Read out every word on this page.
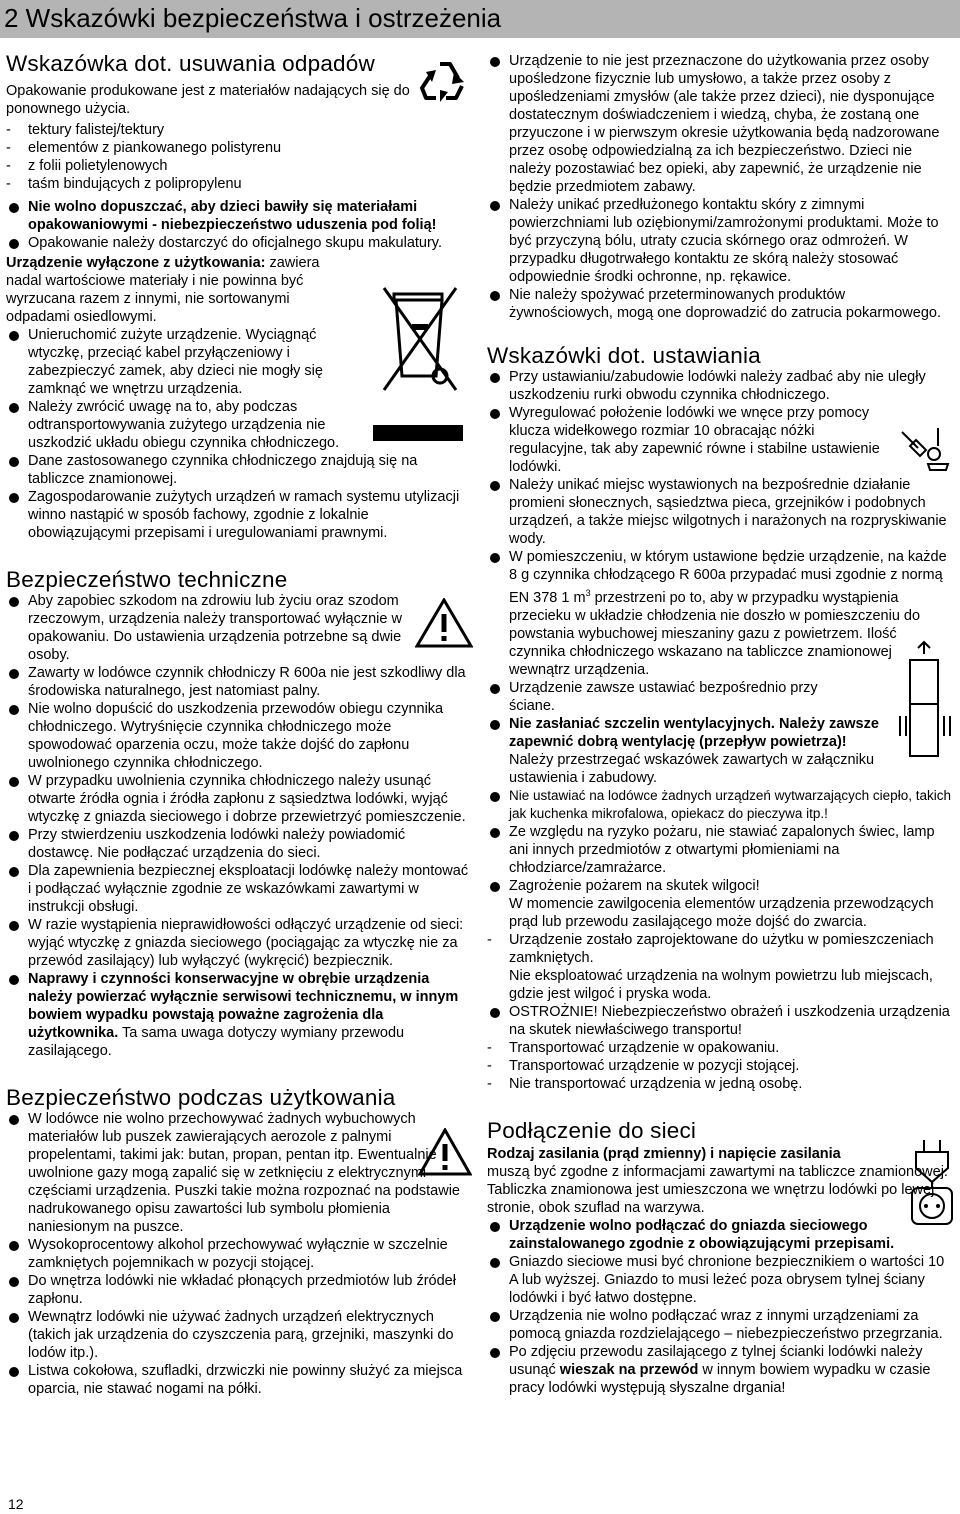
2 Wskazówki bezpieczeństwa i ostrzeżenia
Wskazówka dot. usuwania odpadów

Opakowanie produkowane jest z materiałów nadających się do ponownego użycia.

- tektury falistej/tektury

- elementów z piankowanego polistyrenu

- z folii polietylenowych

- taśm bindujących z polipropylenu

Nie wolno dopuszczać, aby dzieci bawiły się materiałami opakowaniowymi - niebezpieczeństwo uduszenia pod folią!

Opakowanie należy dostarczyć do oficjalnego skupu makulatury.

Urządzenie wyłączone z użytkowania: zawiera nadal wartościowe materiały i nie powinna być wyrzucana razem z innymi, nie sortowanymi odpadami osiedlowymi.

Unieruchomić zużyte urządzenie. Wyciągnąć wtyczkę, przeciąć kabel przyłączeniowy i zabezpieczyć zamek, aby dzieci nie mogły się zamknąć we wnętrzu urządzenia.

Należy zwrócić uwagę na to, aby podczas odtransportowywania zużytego urządzenia nie uszkodzić układu obiegu czynnika chłodniczego.

Dane zastosowanego czynnika chłodniczego znajdują się na tabliczce znamionowej.

Zagospodarowanie zużytych urządzeń w ramach systemu utylizacji winno nastąpić w sposób fachowy, zgodnie z lokalnie obowiązującymi przepisami i uregulowaniami prawnymi.

Bezpieczeństwo techniczne

Aby zapobiec szkodom na zdrowiu lub życiu oraz szodom rzeczowym, urządzenia należy transportować wyłącznie w opakowaniu. Do ustawienia urządzenia potrzebne są dwie osoby.

Zawarty w lodówce czynnik chłodniczy R 600a nie jest szkodliwy dla środowiska naturalnego, jest natomiast palny.

Nie wolno dopuścić do uszkodzenia przewodów obiegu czynnika chłodniczego. Wytryśnięcie czynnika chłodniczego może spowodować oparzenia oczu, może także dojść do zapłonu uwolnionego czynnika chłodniczego.

W przypadku uwolnienia czynnika chłodniczego należy usunąć otwarte źródła ognia i źródła zapłonu z sąsiedztwa lodówki, wyjąć wtyczkę z gniazda sieciowego i dobrze przewietrzyć pomieszczenie.

Przy stwierdzeniu uszkodzenia lodówki należy powiadomić dostawcę. Nie podłączać urządzenia do sieci.

Dla zapewnienia bezpiecznej eksploatacji lodówkę należy montować i podłączać wyłącznie zgodnie ze wskazówkami zawartymi w instrukcji obsługi.

W razie wystąpienia nieprawidłowości odłączyć urządzenie od sieci: wyjąć wtyczkę z gniazda sieciowego (pociągając za wtyczkę nie za przewód zasilający) lub wyłączyć (wykręcić) bezpiecznik.

Naprawy i czynności konserwacyjne w obrębie urządzenia należy powierzać wyłącznie serwisowi technicznemu, w innym bowiem wypadku powstają poważne zagrożenia dla użytkownika. Ta sama uwaga dotyczy wymiany przewodu zasilającego.

Bezpieczeństwo podczas użytkowania

W lodówce nie wolno przechowywać żadnych wybuchowych materiałów lub puszek zawierających aerozole z palnymi propelentami, takimi jak: butan, propan, pentan itp. Ewentualnie uwolnione gazy mogą zapalić się w zetknięciu z elektrycznymi częściami urządzenia. Puszki takie można rozpoznać na podstawie nadrukowanego opisu zawartości lub symbolu płomienia naniesionym na puszce.

Wysokoprocentowy alkohol przechowywać wyłącznie w szczelnie zamkniętych pojemnikach w pozycji stojącej.

Do wnętrza lodówki nie wkładać płonących przedmiotów lub źródeł zapłonu.

Wewnątrz lodówki nie używać żadnych urządzeń elektrycznych (takich jak urządzenia do czyszczenia parą, grzejniki, maszynki do lodów itp.).

Listwa cokołowa, szufladki, drzwiczki nie powinny służyć za miejsca oparcia, nie stawać nogami na półki.

Urządzenie to nie jest przeznaczone do użytkowania przez osoby upośledzone fizycznie lub umysłowo, a także przez osoby z upośledzeniami zmysłów (ale także przez dzieci), nie dysponujące dostatecznym doświadczeniem i wiedzą, chyba, że zostaną one przyuczone i w pierwszym okresie użytkowania będą nadzorowane przez osobę odpowiedzialną za ich bezpieczeństwo. Dzieci nie należy pozostawiać bez opieki, aby zapewnić, że urządzenie nie będzie przedmiotem zabawy.

Należy unikać przedłużonego kontaktu skóry z zimnymi powierzchniami lub oziębionymi/zamrożonymi produktami. Może to być przyczyną bólu, utraty czucia skórnego oraz odmrożeń. W przypadku długotrwałego kontaktu ze skórą należy stosować odpowiednie środki ochronne, np. rękawice.

Nie należy spożywać przeterminowanych produktów żywnościowych, mogą one doprowadzić do zatrucia pokarmowego.

Wskazówki dot. ustawiania

Przy ustawianiu/zabudowie lodówki należy zadbać aby nie uległy uszkodzeniu rurki obwodu czynnika chłodniczego.

Wyregulować położenie lodówki we wnęce przy pomocy klucza widełkowego rozmiar 10 obracając nóżki regulacyjne, tak aby zapewnić równe i stabilne ustawienie lodówki.

Należy unikać miejsc wystawionych na bezpośrednie działanie promieni słonecznych, sąsiedztwa pieca, grzejników i podobnych urządzeń, a także miejsc wilgotnych i narażonych na rozpryskiwanie wody.

W pomieszczeniu, w którym ustawione będzie urządzenie, na każde 8 g czynnika chłodzącego R 600a przypadać musi zgodnie z normą EN 378 1 $m^3$ przestrzeni po to, aby w przypadku wystąpienia przecieku w układzie chłodzenia nie doszło w pomieszczeniu do powstania wybuchowej mieszaniny gazu z powietrzem. Ilość czynnika chłodniczego wskazano na tabliczce znamionowej wewnątrz urządzenia.

Urządzenie zawsze ustawiać bezpośrednio przy ściane.

Nie zasłaniać szczelin wentylacyjnych. Należy zawsze zapewnić dobrą wentylację (przepływ powietrza)! Należy przestrzegać wskazówek zawartych w załączniku ustawienia i zabudowy.

Nie ustawiać na lodówce żadnych urządzeń wytwarzających ciepło, takich jak kuchenka mikrofalowa, opiekacz do pieczywa itp.!

Ze względu na ryzyko pożaru, nie stawiać zapalonych świec, lamp ani innych przedmiotów z otwartymi płomieniami na chłodziarce/zamrażarce.

Zagrożenie pożarem na skutek wilgoci!

W momencie zawilgocenia elementów urządzenia przewodzących prąd lub przewodu zasilającego może dojść do zwarcia.

- Urządzenie zostało zaprojektowane do użytku w pomieszczeniach zamkniętych.

Nie eksploatować urządzenia na wolnym powietrzu lub miejscach, gdzie jest wilgoć i pryska woda.

OSTROŻNIE! Niebezpieczeństwo obrażeń i uszkodzenia urządzenia na skutek niewłaściwego transportu!

- Transportować urządzenie w opakowaniu.

- Transportować urządzenie w pozycji stojącej.

- Nie transportować urządzenia w jedną osobę.

Podłączenie do sieci

Rodzaj zasilania (prąd zmienny) i napięcie zasilania

muszą być zgodne z informacjami zawartymi na tabliczce znamionowej. Tabliczka znamionowa jest umieszczona we wnętrzu lodówki po lewej stronie, obok szuflad na warzywa.

Urządzenie wolno podłączać do gniazda sieciowego zainstalowanego zgodnie z obowiązującymi przepisami.

Gniazdo sieciowe musi być chronione bezpiecznikiem o wartości 10 A lub wyższej. Gniazdo to musi leżeć poza obrysem tylnej ściany lodówki i być łatwo dostępne.

Urządzenia nie wolno podłączać wraz z innymi urządzeniami za pomocą gniazda rozdzielającego – niebezpieczeństwo przegrzania.

Po zdjęciu przewodu zasilającego z tylnej ścianki lodówki należy usunąć wieszak na przewód w innym bowiem wypadku w czasie pracy lodówki występują słyszalne drgania!

12
